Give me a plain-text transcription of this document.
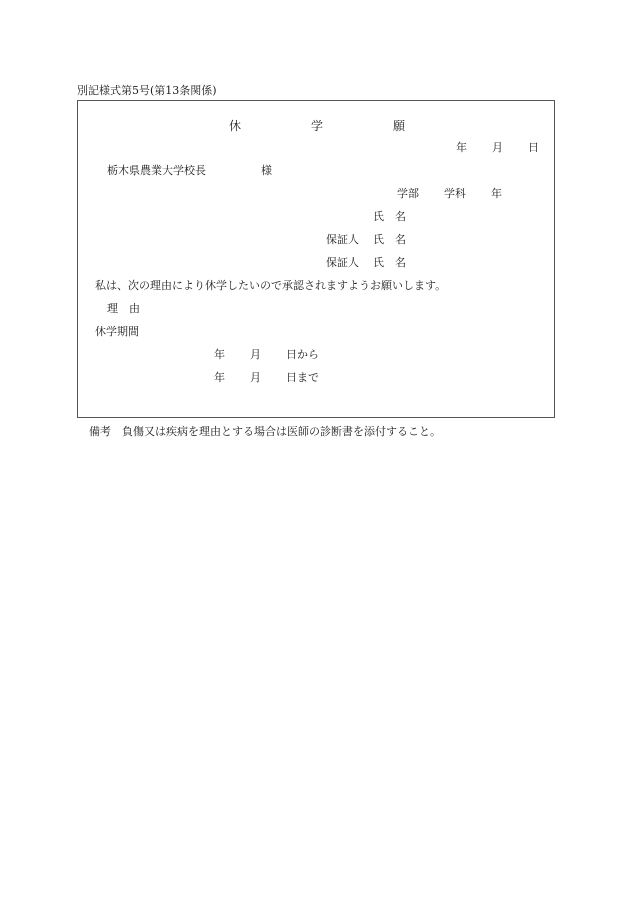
別記様式第5号(第13条関係)
休	学	願
年 月 日
栃木県農業大学校長	様
学部 学科 年
氏　名
保証人 氏　名
保証人 氏　名
私は、次の理由により休学したいので承認されますようお願いします。
理　由
休学期間
年 月 日から
年 月 日まで
備考　負傷又は疾病を理由とする場合は医師の診断書を添付すること。
